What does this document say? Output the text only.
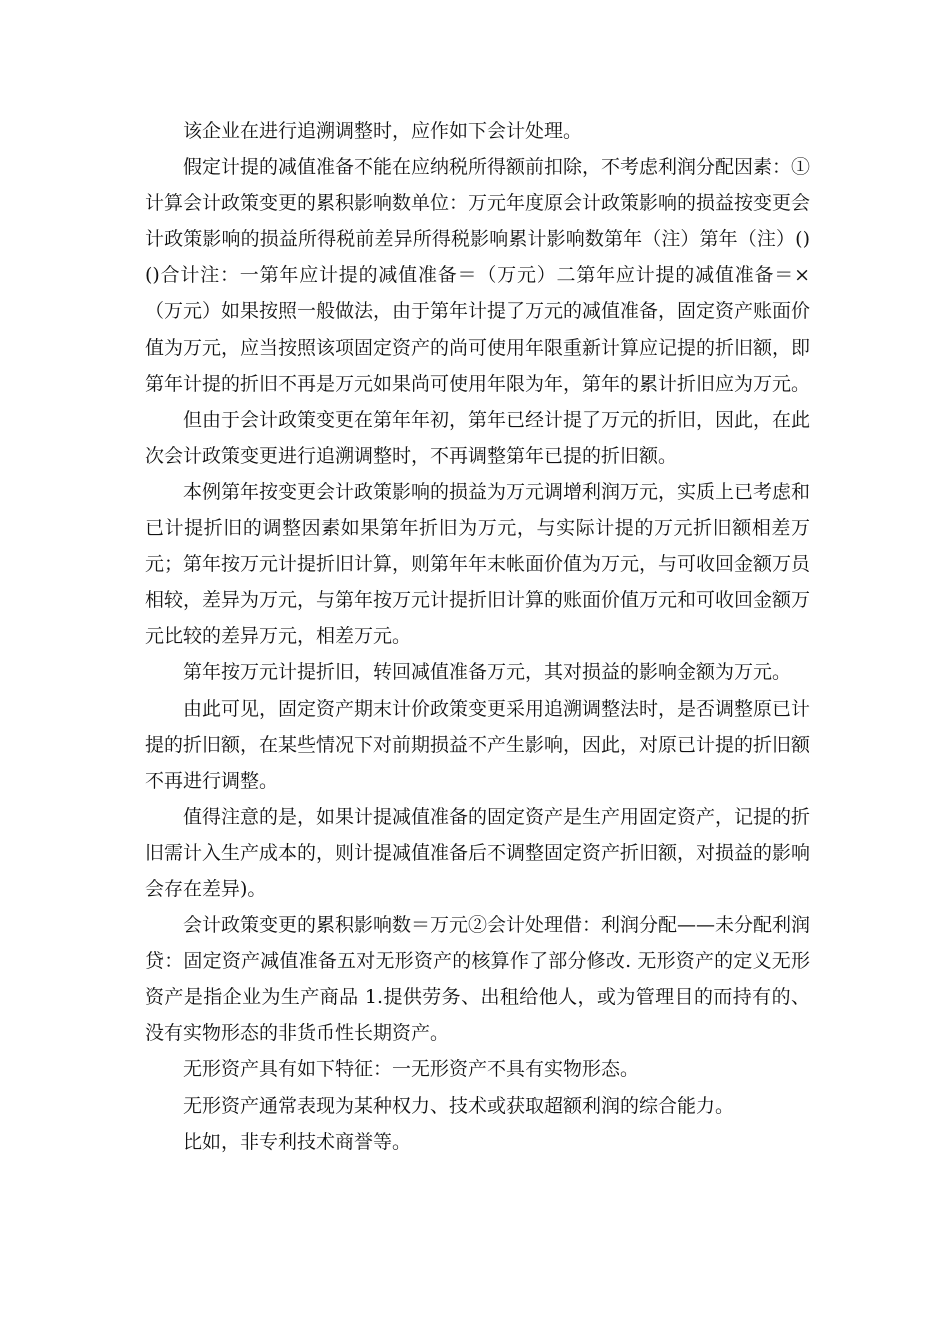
该企业在进行追溯调整时，应作如下会计处理。

假定计提的减值准备不能在应纳税所得额前扣除，不考虑利润分配因素：①计算会计政策变更的累积影响数单位：万元年度原会计政策影响的损益按变更会计政策影响的损益所得税前差异所得税影响累计影响数第年（注）第年（注）()()合计注：一第年应计提的减值准备＝（万元）二第年应计提的减值准备＝×（万元）如果按照一般做法，由于第年计提了万元的减值准备，固定资产账面价值为万元，应当按照该项固定资产的尚可使用年限重新计算应记提的折旧额，即第年计提的折旧不再是万元如果尚可使用年限为年，第年的累计折旧应为万元。

但由于会计政策变更在第年年初，第年已经计提了万元的折旧，因此，在此次会计政策变更进行追溯调整时，不再调整第年已提的折旧额。

本例第年按变更会计政策影响的损益为万元调增利润万元，实质上已考虑和已计提折旧的调整因素如果第年折旧为万元，与实际计提的万元折旧额相差万元；第年按万元计提折旧计算，则第年年末帐面价值为万元，与可收回金额万员相较，差异为万元，与第年按万元计提折旧计算的账面价值万元和可收回金额万元比较的差异万元，相差万元。

第年按万元计提折旧，转回减值准备万元，其对损益的影响金额为万元。

由此可见，固定资产期末计价政策变更采用追溯调整法时，是否调整原已计提的折旧额，在某些情况下对前期损益不产生影响，因此，对原已计提的折旧额不再进行调整。

值得注意的是，如果计提减值准备的固定资产是生产用固定资产，记提的折旧需计入生产成本的，则计提减值准备后不调整固定资产折旧额，对损益的影响会存在差异)。

会计政策变更的累积影响数＝万元②会计处理借：利润分配——未分配利润贷：固定资产减值准备五对无形资产的核算作了部分修改. 无形资产的定义无形资产是指企业为生产商品 1.提供劳务、出租给他人，或为管理目的而持有的、没有实物形态的非货币性长期资产。

无形资产具有如下特征：一无形资产不具有实物形态。

无形资产通常表现为某种权力、技术或获取超额利润的综合能力。

比如，非专利技术商誉等。
